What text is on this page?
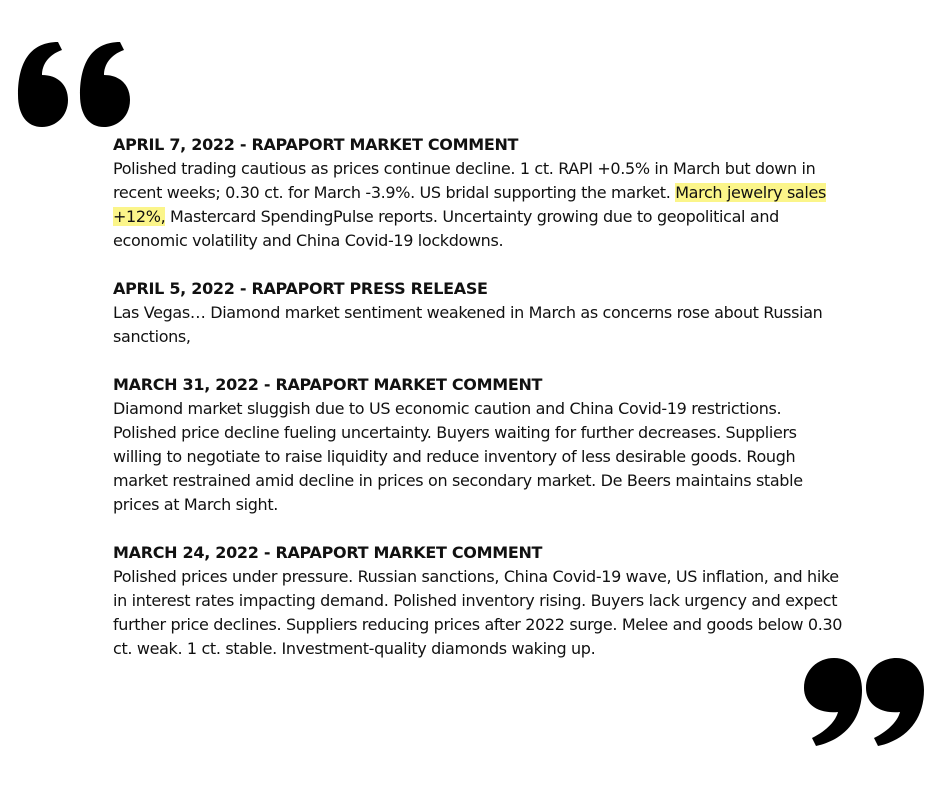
APRIL 7, 2022 - RAPAPORT MARKET COMMENT

Polished trading cautious as prices continue decline. 1 ct. RAPI +0.5% in March but down in recent weeks; 0.30 ct. for March -3.9%. US bridal supporting the market. March jewelry sales +12%, Mastercard SpendingPulse reports. Uncertainty growing due to geopolitical and economic volatility and China Covid-19 lockdowns.

APRIL 5, 2022 - RAPAPORT PRESS RELEASE

Las Vegas… Diamond market sentiment weakened in March as concerns rose about Russian sanctions,

MARCH 31, 2022 - RAPAPORT MARKET COMMENT

Diamond market sluggish due to US economic caution and China Covid-19 restrictions. Polished price decline fueling uncertainty. Buyers waiting for further decreases. Suppliers willing to negotiate to raise liquidity and reduce inventory of less desirable goods. Rough market restrained amid decline in prices on secondary market. De Beers maintains stable prices at March sight.

MARCH 24, 2022 - RAPAPORT MARKET COMMENT

Polished prices under pressure. Russian sanctions, China Covid-19 wave, US inflation, and hike in interest rates impacting demand. Polished inventory rising. Buyers lack urgency and expect further price declines. Suppliers reducing prices after 2022 surge. Melee and goods below 0.30 ct. weak. 1 ct. stable. Investment-quality diamonds waking up.
